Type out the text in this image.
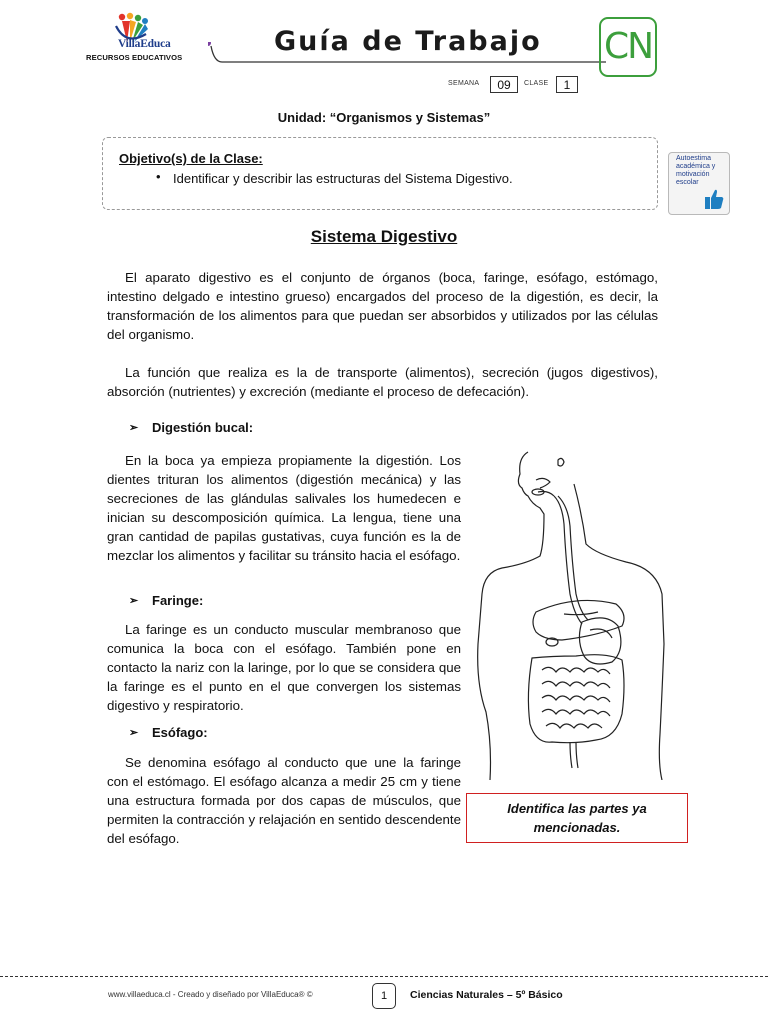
VillaEduca
RECURSOS EDUCATIVOS
Guía de Trabajo CN
SEMANA	09	CLASE	1
Unidad: “Organismos y Sistemas”
Objetivo(s) de la Clase:
• Identificar y describir las estructuras del Sistema Digestivo.
Autoestima académica y motivación escolar
Sistema Digestivo
El aparato digestivo es el conjunto de órganos (boca, faringe, esófago, estómago, intestino delgado e intestino grueso) encargados del proceso de la digestión, es decir, la transformación de los alimentos para que puedan ser absorbidos y utilizados por las células del organismo.
La función que realiza es la de transporte (alimentos), secreción (jugos digestivos), absorción (nutrientes) y excreción (mediante el proceso de defecación).
➢ Digestión bucal:
En la boca ya empieza propiamente la digestión. Los dientes trituran los alimentos (digestión mecánica) y las secreciones de las glándulas salivales los humedecen e inician su descomposición química. La lengua, tiene una gran cantidad de papilas gustativas, cuya función es la de mezclar los alimentos y facilitar su tránsito hacia el esófago.
➢ Faringe:
La faringe es un conducto muscular membranoso que comunica la boca con el esófago. También pone en contacto la nariz con la laringe, por lo que se considera que la faringe es el punto en el que convergen los sistemas digestivo y respiratorio.
➢ Esófago:
Se denomina esófago al conducto que une la faringe con el estómago. El esófago alcanza a medir 25 cm y tiene una estructura formada por dos capas de músculos, que permiten la contracción y relajación en sentido descendente del esófago.
Identifica las partes ya mencionadas.
www.villaeduca.cl - Creado y diseñado por VillaEduca® ©	1	Ciencias Naturales – 5º Básico
